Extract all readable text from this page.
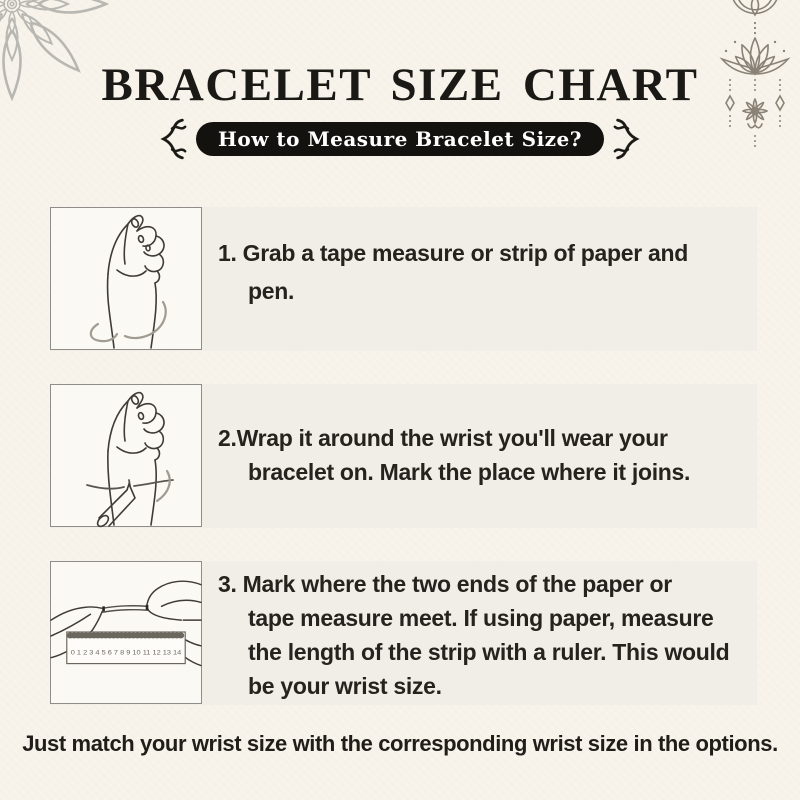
BRACELET SIZE CHART
How to Measure Bracelet Size?
1. Grab a tape measure or strip of paper and
pen.
2.Wrap it around the wrist you'll wear your
bracelet on. Mark the place where it joins.
0 1 2 3 4 5 6 7 8 9 10 11 12 13 14
3. Mark where the two ends of the paper or
tape measure meet. If using paper, measure
the length of the strip with a ruler. This would
be your wrist size.
Just match your wrist size with the corresponding wrist size in the options.
